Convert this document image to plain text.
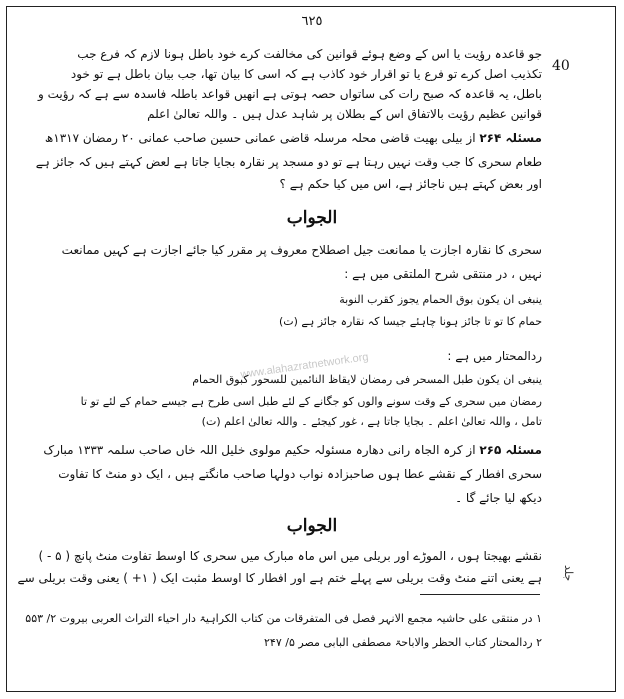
٦٢٥
40
جلد
www.alahazratnetwork.org
جو قاعدہ رؤیت یا اس کے وضع ہوئے قوانین کی مخالفت کرے خود باطل ہونا لازم کہ فرع جب
تکذیب اصل کرے تو فرع یا تو اقرار خود کاذب ہے کہ اسی کا بیان تھا، جب بیان باطل ہے تو خود
باطل، یہ قاعدہ کہ صبح رات کی ساتواں حصہ ہوتی ہے انھیں قواعد باطلہ فاسدہ سے ہے کہ رؤیت و
قوانین عظیم رؤیت بالاتفاق اس کے بطلان پر شاہد عدل ہیں ۔ واللہ تعالیٰ اعلم
مسئلہ ۲۶۴ از بیلی بھیت قاضی محلہ مرسلہ قاضی عمانی حسین صاحب عمانی ۲۰ رمضان ۱۳۱۷ھ
طعام سحری کا جب وقت نہیں رہتا ہے تو دو مسجد پر نقارہ بجایا جاتا ہے لعض کہتے ہیں کہ جائز ہے
اور بعض کہتے ہیں ناجائز ہے، اس میں کیا حکم ہے ؟
الجواب
سحری کا نقارہ اجازت یا ممانعت جیل اصطلاح معروف پر مقرر کیا جائے اجازت ہے کہیں ممانعت
نہیں ، در منتقی شرح الملتقی میں ہے :
ینبغی ان یکون بوق الحمام یجوز کقرب النوبة
حمام کا تو تا جائز ہونا چاہئے جیسا کہ نقارہ جائز ہے (ت)
ردالمحتار میں ہے :
ینبغی ان یکون طبل المسحر فی رمضان لایقاظ النائمین للسحور کبوق الحمام
رمضان میں سحری کے وقت سونے والوں کو جگانے کے لئے طبل اسی طرح ہے جیسے حمام کے لئے تو تا
تامل ، واللہ تعالیٰ اعلم ۔ بجایا جاتا ہے ، غور کیجئے ۔ واللہ تعالیٰ اعلم (ت)
مسئلہ ۲۶۵ از کرہ الجاہ رانی دھارہ مسئولہ حکیم مولوی خلیل اللہ خاں صاحب سلمہ ۱۳۳۳ مبارک
سحری افطار کے نقشے عطا ہوں صاحبزادہ نواب دولہا صاحب مانگتے ہیں ، ایک دو منٹ کا تفاوت
دیکھ لیا جائے گا ۔
الجواب
نقشے بھیجتا ہوں ، الموڑے اور بریلی میں اس ماہ مبارک میں سحری کا اوسط تفاوت منٹ پانچ ( ۵ - )
ہے یعنی اتنے منٹ وقت بریلی سے پہلے ختم ہے اور افطار کا اوسط مثبت ایک ( ۱+ ) یعنی وقت بریلی سے
۱ در منتقی علی حاشیہ مجمع الانہر فصل فی المتفرقات من کتاب الکراہیۃ دار احیاء التراث العربی بیروت ۲/ ۵۵۳
۲ ردالمحتار کتاب الحظر والاباحۃ مصطفی البابی مصر ۵/ ۲۴۷
